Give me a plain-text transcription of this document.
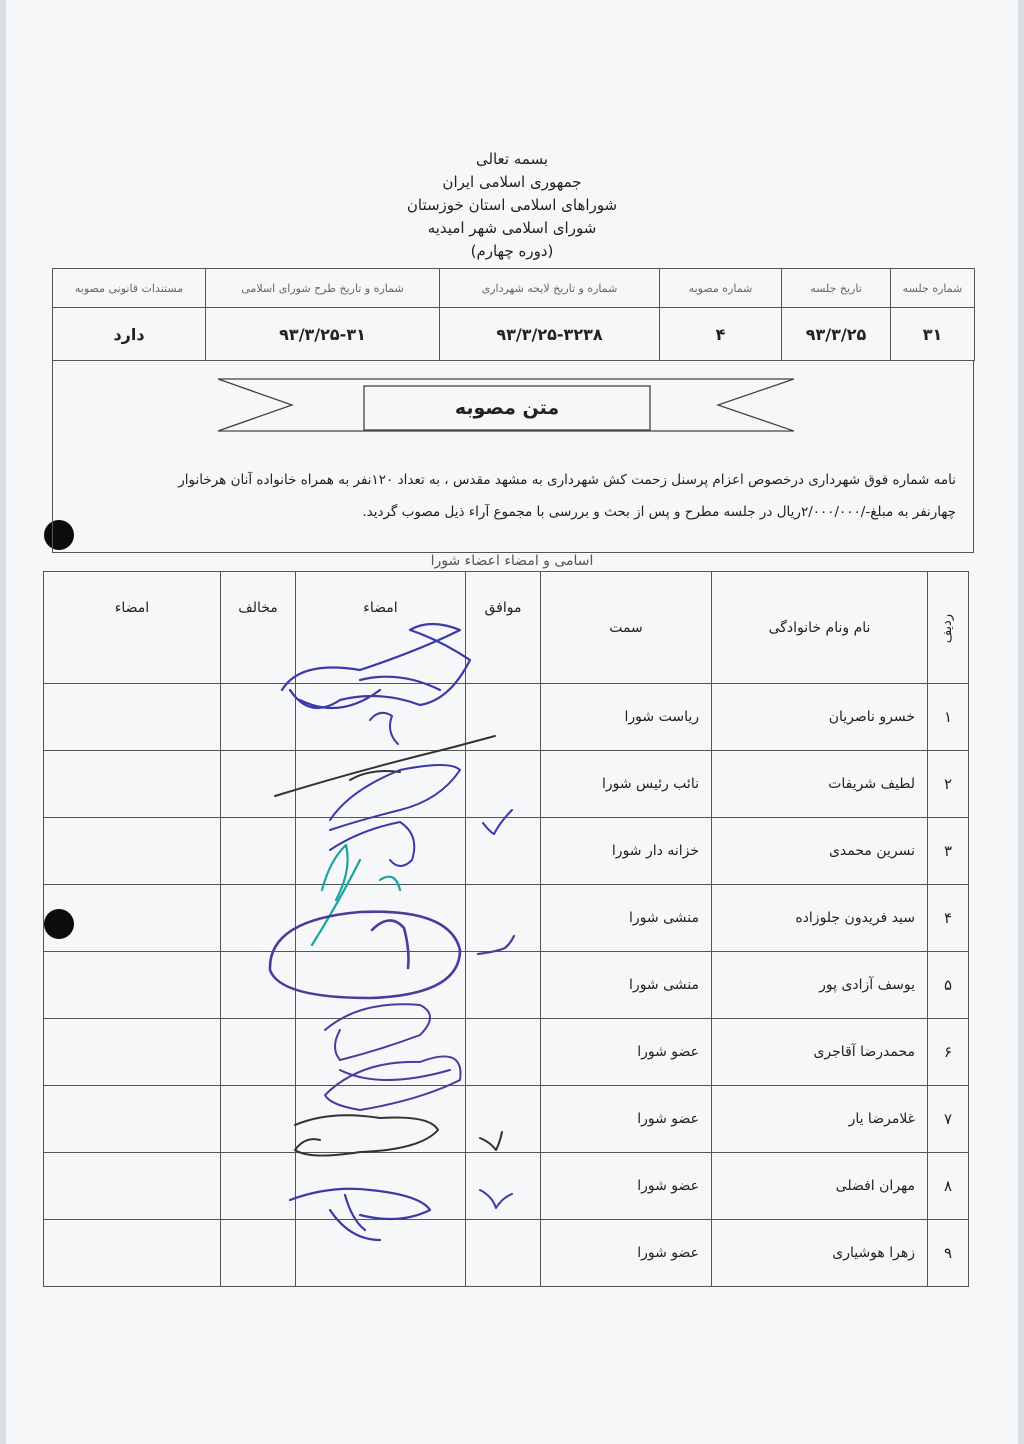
بسمه تعالی
جمهوری اسلامی ایران
شوراهای اسلامی استان خوزستان
شورای اسلامی شهر امیدیه
(دوره چهارم)
شماره جلسه	تاریخ جلسه	شماره مصوبه	شماره و تاریخ لایحه شهرداری	شماره و تاریخ طرح شورای اسلامی	مستندات قانونی مصوبه
۳۱	۹۳/۳/۲۵	۴	۹۳/۳/۲۵-۳۲۳۸	۹۳/۳/۲۵-۳۱	دارد
متن مصوبه
نامه شماره فوق شهرداری درخصوص اعزام پرسنل زحمت کش شهرداری به مشهد مقدس ، به تعداد ۱۲۰نفر به همراه خانواده آنان هرخانوار
چهارنفر به مبلغ-/۲/۰۰۰/۰۰۰ریال در جلسه مطرح و پس از بحث و بررسی با مجموع آراء ذیل مصوب گردید.
اسامی و امضاء اعضاء شورا
ردیف	نام ونام خانوادگی	سمت	موافق	امضاء	مخالف	امضاء
۱	خسرو ناصریان	ریاست شورا				
۲	لطیف شریفات	نائب رئیس شورا				
۳	نسرین محمدی	خزانه دار شورا				
۴	سید فریدون جلوزاده	منشی شورا				
۵	یوسف آزادی پور	منشی شورا				
۶	محمدرضا آقاجری	عضو شورا				
۷	غلامرضا یار	عضو شورا				
۸	مهران افضلی	عضو شورا				
۹	زهرا هوشیاری	عضو شورا				
